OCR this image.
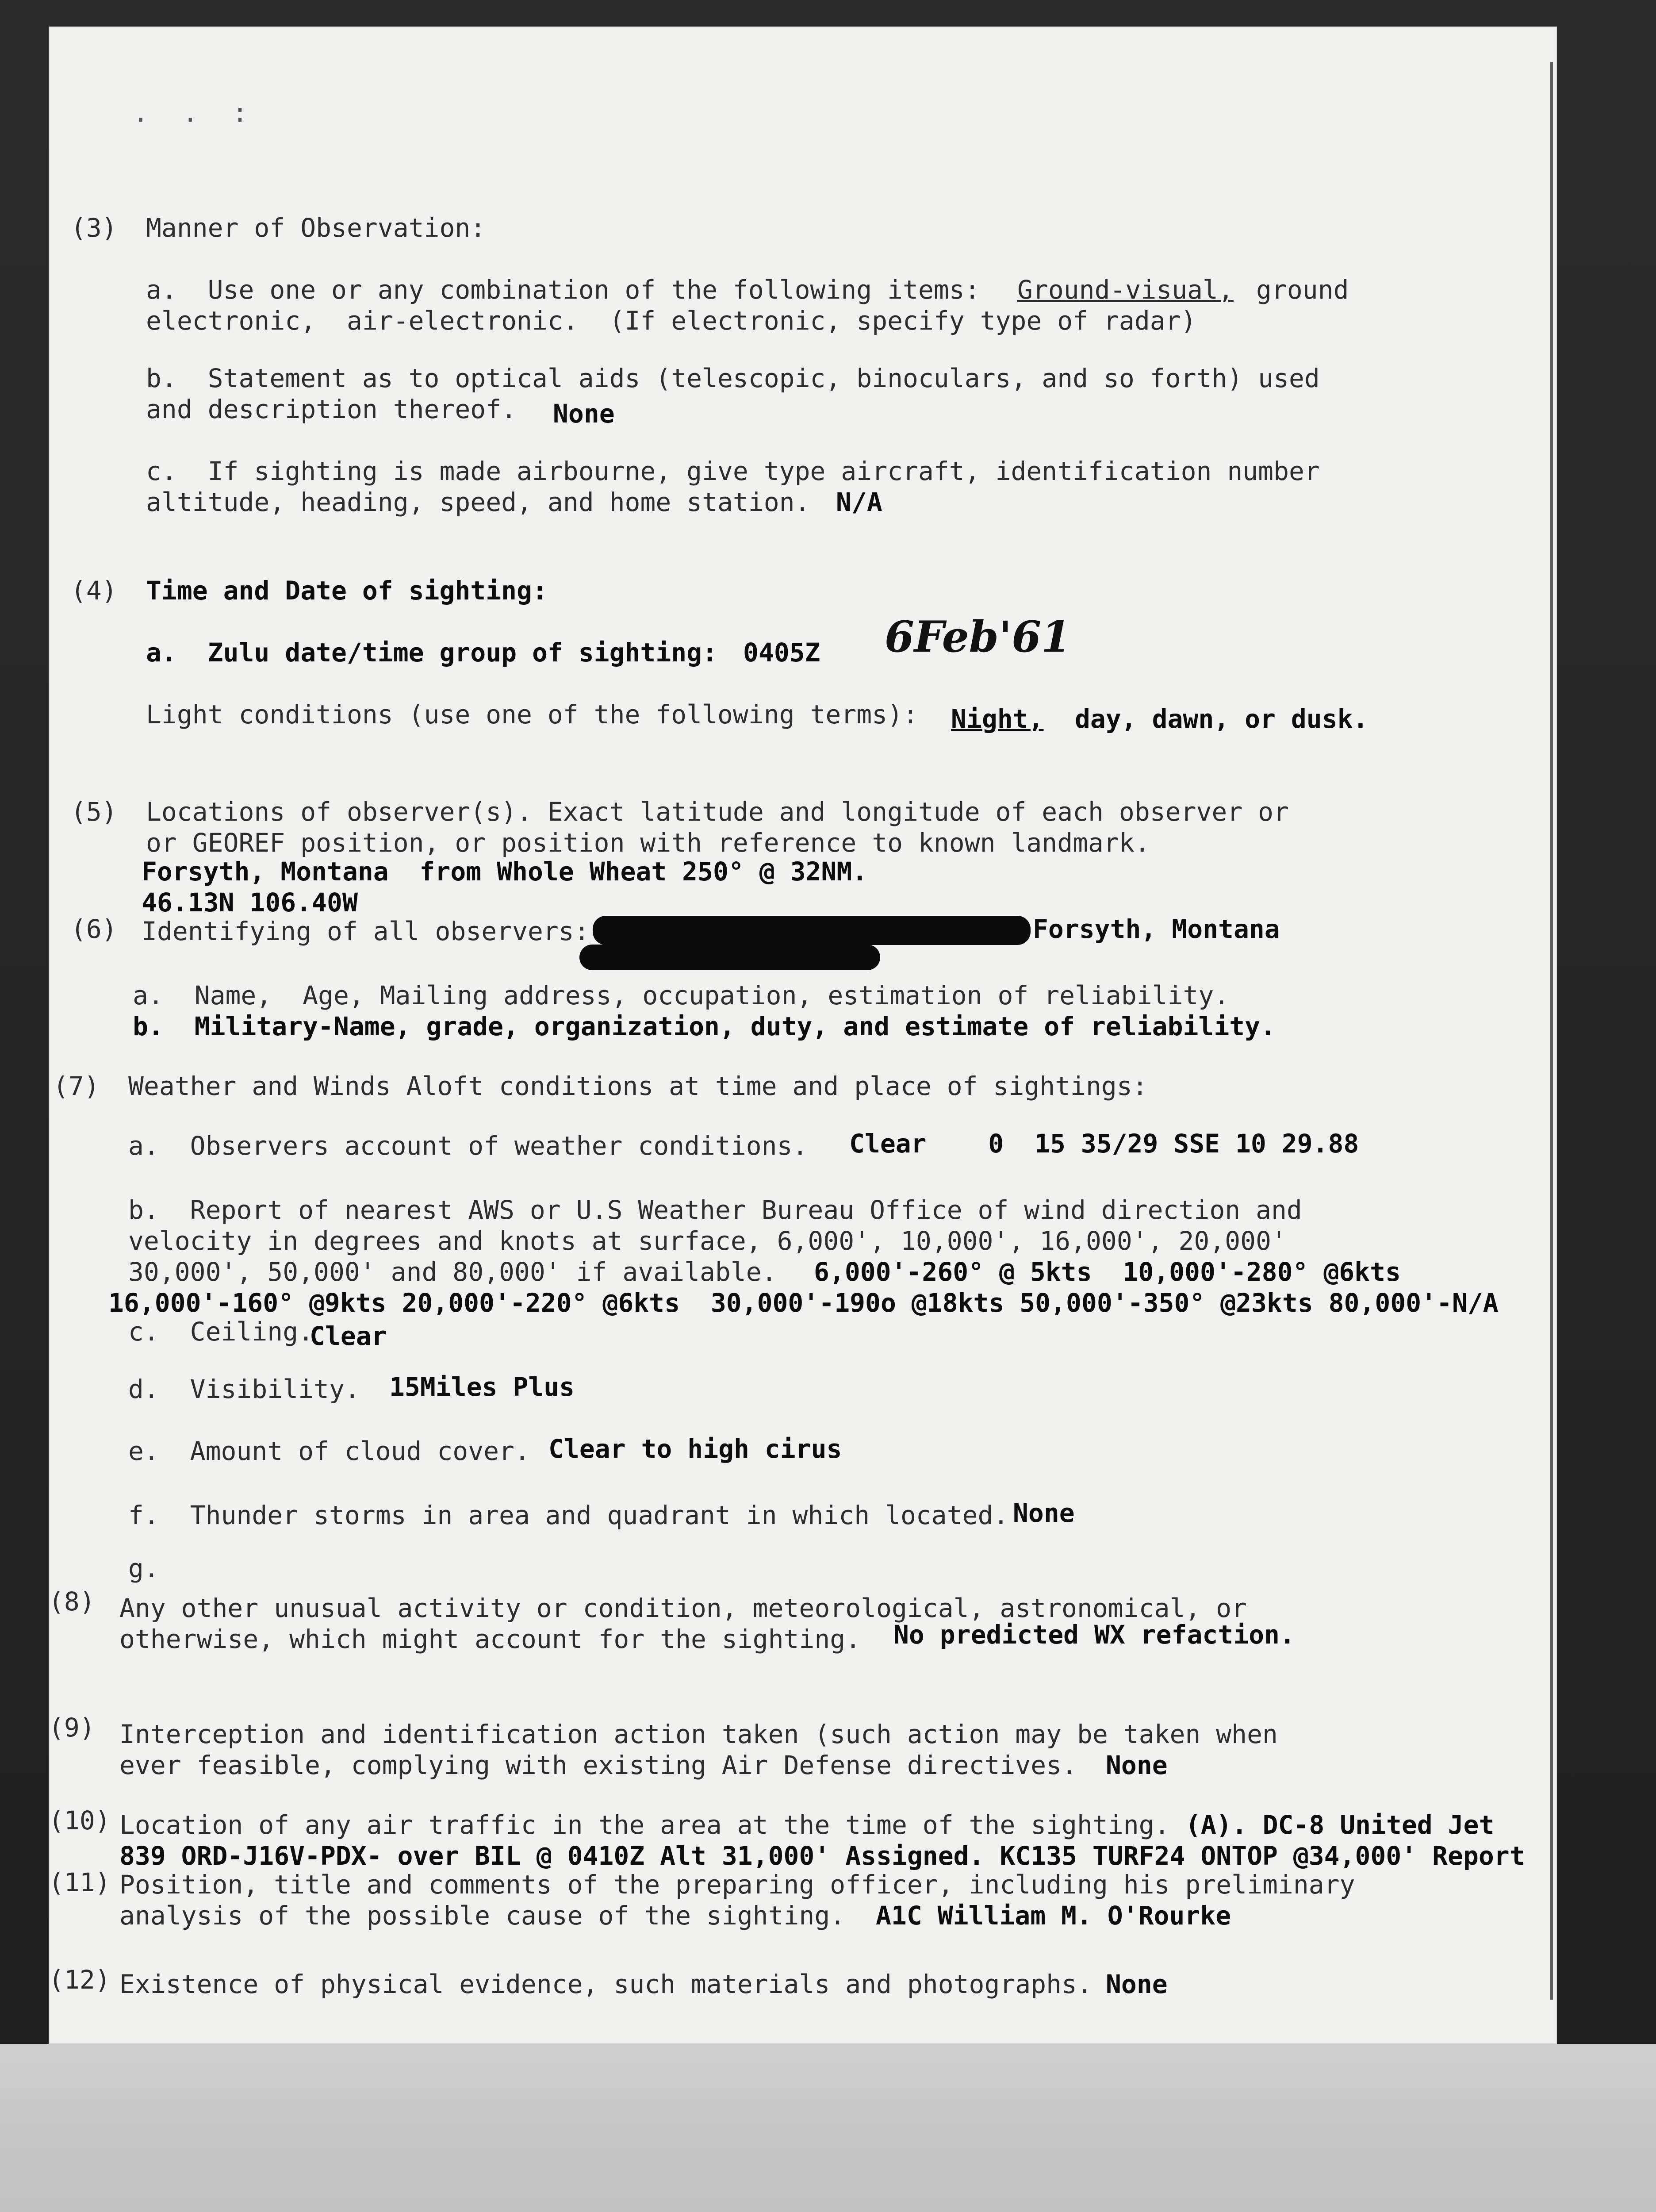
. . :
(3) Manner of Observation:
a.  Use one or any combination of the following items: Ground-visual, ground
electronic,  air-electronic.  (If electronic, specify type of radar)
b.  Statement as to optical aids (telescopic, binoculars, and so forth) used
and description thereof. None
c.  If sighting is made airbourne, give type aircraft, identification number
altitude, heading, speed, and home station. N/A
(4) Time and Date of sighting:
a.  Zulu date/time group of sighting: 0405Z 6Feb'61
Light conditions (use one of the following terms): Night, day, dawn, or dusk.
(5) Locations of observer(s). Exact latitude and longitude of each observer or
or GEOREF position, or position with reference to known landmark.
Forsyth, Montana  from Whole Wheat 250° @ 32NM.
46.13N 106.40W
(6) Identifying of all observers:	Forsyth, Montana
a.  Name,  Age, Mailing address, occupation, estimation of reliability.
b.  Military-Name, grade, organization, duty, and estimate of reliability.
(7) Weather and Winds Aloft conditions at time and place of sightings:
a.  Observers account of weather conditions. Clear    0  15 35/29 SSE 10 29.88
b.  Report of nearest AWS or U.S Weather Bureau Office of wind direction and
velocity in degrees and knots at surface, 6,000', 10,000', 16,000', 20,000'
30,000', 50,000' and 80,000' if available. 6,000'-260° @ 5kts  10,000'-280° @6kts
16,000'-160° @9kts 20,000'-220° @6kts  30,000'-190o @18kts 50,000'-350° @23kts 80,000'-N/A
c.  Ceiling.
Clear
d.  Visibility. 15Miles Plus
e.  Amount of cloud cover. Clear to high cirus
f.  Thunder storms in area and quadrant in which located. None
g.
(8) Any other unusual activity or condition, meteorological, astronomical, or
otherwise, which might account for the sighting. No predicted WX refaction.
(9) Interception and identification action taken (such action may be taken when
ever feasible, complying with existing Air Defense directives. None
(10) Location of any air traffic in the area at the time of the sighting. (A). DC-8 United Jet
839 ORD-J16V-PDX- over BIL @ 0410Z Alt 31,000' Assigned. KC135 TURF24 ONTOP @34,000' Report
(11) Position, title and comments of the preparing officer, including his preliminary
analysis of the possible cause of the sighting. A1C William M. O'Rourke
(12) Existence of physical evidence, such materials and photographs. None
